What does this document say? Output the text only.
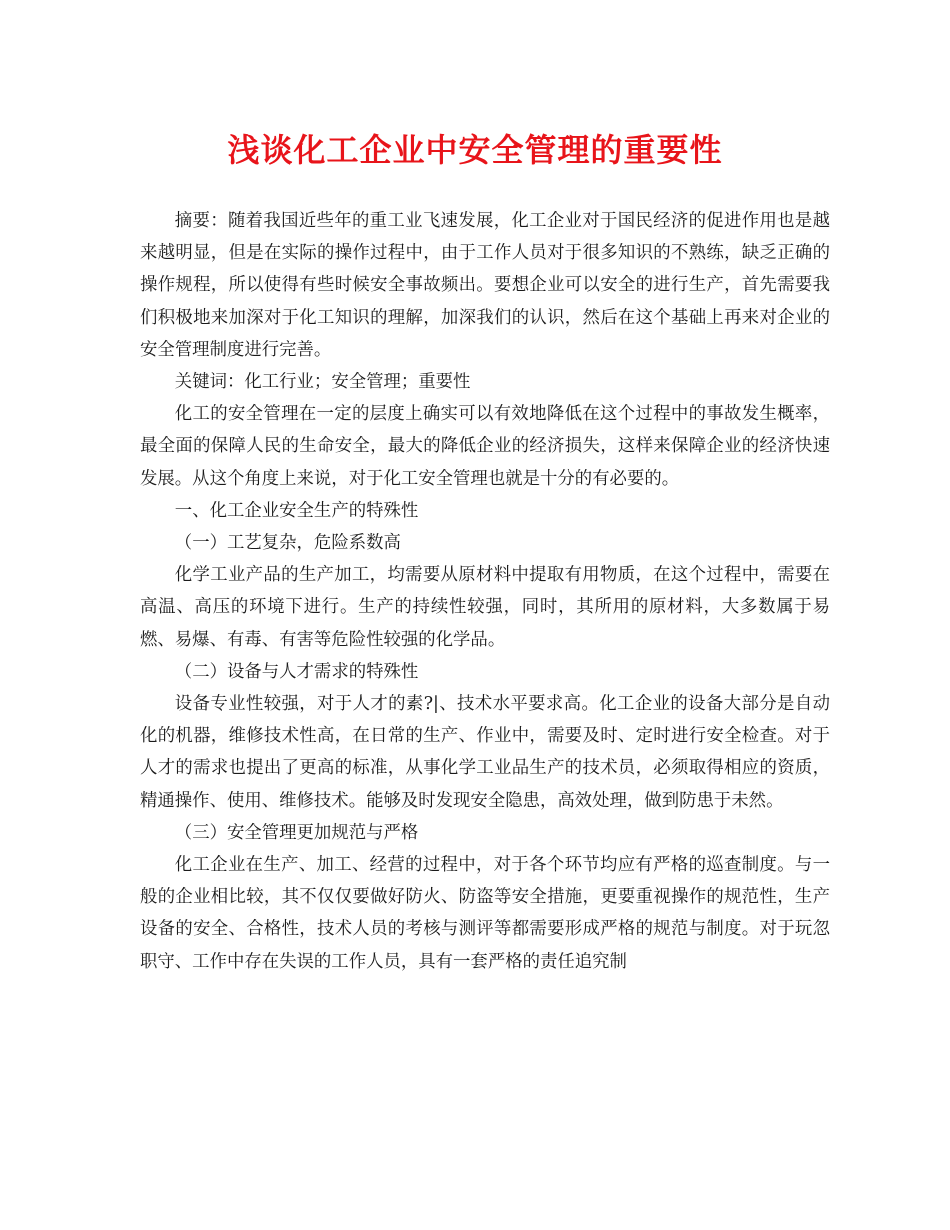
浅谈化工企业中安全管理的重要性

摘要：随着我国近些年的重工业飞速发展，化工企业对于国民经济的促进作用也是越来越明显，但是在实际的操作过程中，由于工作人员对于很多知识的不熟练，缺乏正确的操作规程，所以使得有些时候安全事故频出。要想企业可以安全的进行生产，首先需要我们积极地来加深对于化工知识的理解，加深我们的认识，然后在这个基础上再来对企业的安全管理制度进行完善。

关键词：化工行业；安全管理；重要性

化工的安全管理在一定的层度上确实可以有效地降低在这个过程中的事故发生概率，最全面的保障人民的生命安全，最大的降低企业的经济损失，这样来保障企业的经济快速发展。从这个角度上来说，对于化工安全管理也就是十分的有必要的。

一、化工企业安全生产的特殊性

（一）工艺复杂，危险系数高

化学工业产品的生产加工，均需要从原材料中提取有用物质，在这个过程中，需要在高温、高压的环境下进行。生产的持续性较强，同时，其所用的原材料，大多数属于易燃、易爆、有毒、有害等危险性较强的化学品。

（二）设备与人才需求的特殊性

设备专业性较强，对于人才的素?|、技术水平要求高。化工企业的设备大部分是自动化的机器，维修技术性高，在日常的生产、作业中，需要及时、定时进行安全检查。对于人才的需求也提出了更高的标准，从事化学工业品生产的技术员，必须取得相应的资质，精通操作、使用、维修技术。能够及时发现安全隐患，高效处理，做到防患于未然。

（三）安全管理更加规范与严格

化工企业在生产、加工、经营的过程中，对于各个环节均应有严格的巡查制度。与一般的企业相比较，其不仅仅要做好防火、防盗等安全措施，更要重视操作的规范性，生产设备的安全、合格性，技术人员的考核与测评等都需要形成严格的规范与制度。对于玩忽职守、工作中存在失误的工作人员，具有一套严格的责任追究制
